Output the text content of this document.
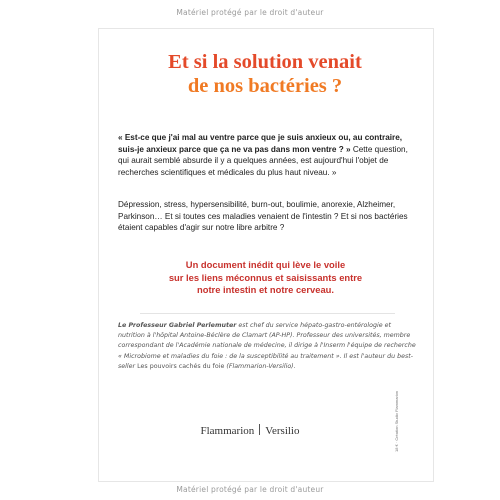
Matériel protégé par le droit d'auteur
Et si la solution venait
de nos bactéries ?

« Est-ce que j'ai mal au ventre parce que je suis anxieux ou, au contraire, suis-je anxieux parce que ça ne va pas dans mon ventre ? » Cette question, qui aurait semblé absurde il y a quelques années, est aujourd'hui l'objet de recherches scientifiques et médicales du plus haut niveau. »

Dépression, stress, hypersensibilité, burn-out, boulimie, anorexie, Alzheimer, Parkinson… Et si toutes ces maladies venaient de l'intestin ? Et si nos bactéries étaient capables d'agir sur notre libre arbitre ?

Un document inédit qui lève le voile
sur les liens méconnus et saisissants entre
notre intestin et notre cerveau.
Le Professeur Gabriel Perlemuter est chef du service hépato-gastro-entérologie et nutrition à l'hôpital Antoine-Béclère de Clamart (AP-HP). Professeur des universités, membre correspondant de l'Académie nationale de médecine, il dirige à l'Inserm l'équipe de recherche « Microbiome et maladies du foie : de la susceptibilité au traitement ». Il est l'auteur du best-seller Les pouvoirs cachés du foie (Flammarion-Versilio).
Flammarion Versilio	18 € · Création Studio Flammarion
Matériel protégé par le droit d'auteur
